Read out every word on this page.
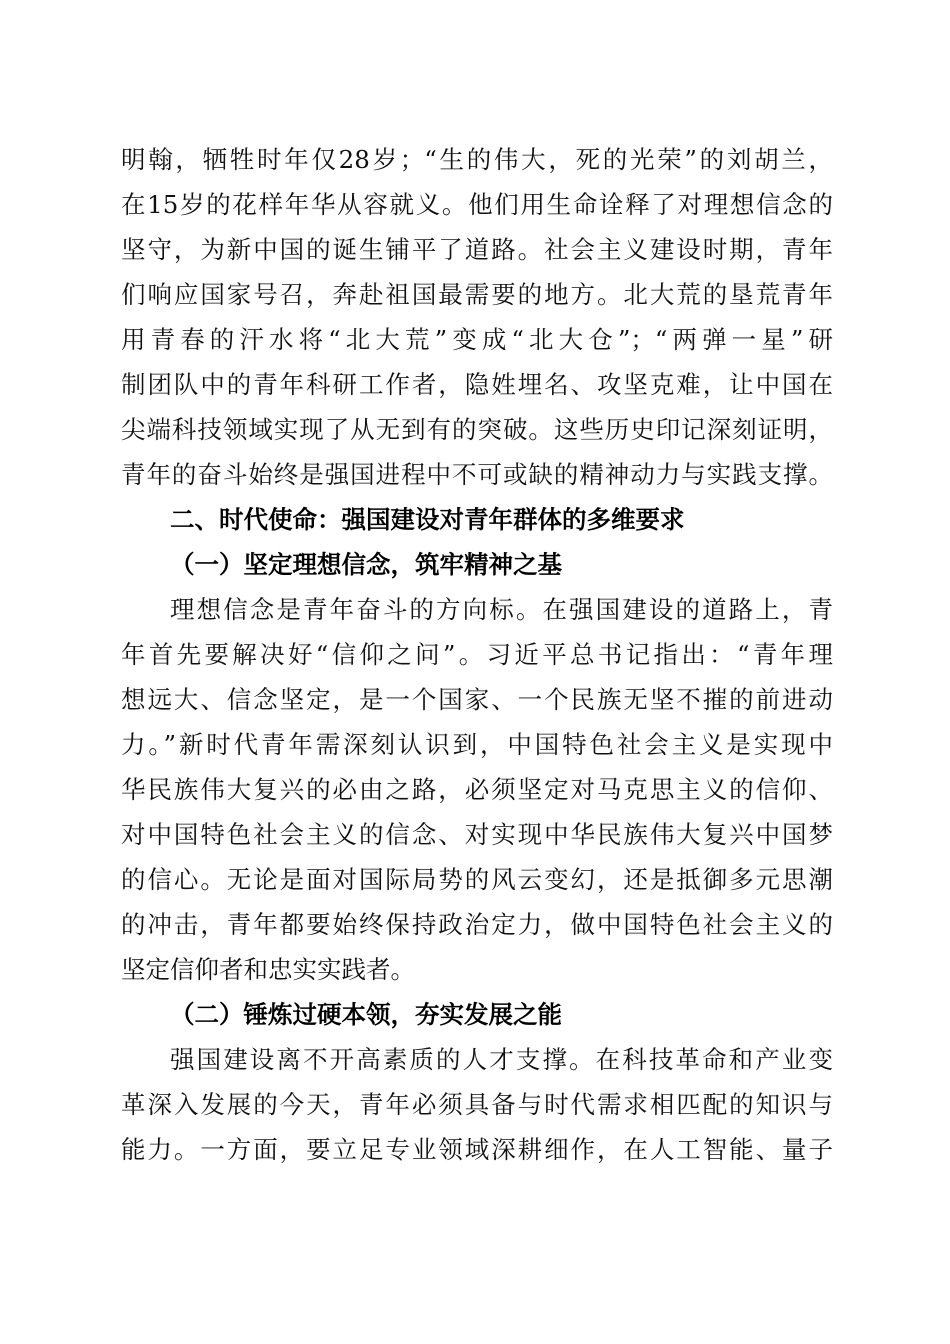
明翰，牺牲时年仅28岁；“生的伟大，死的光荣”的刘胡兰，
在15岁的花样年华从容就义。他们用生命诠释了对理想信念的
坚守，为新中国的诞生铺平了道路。社会主义建设时期，青年
们响应国家号召，奔赴祖国最需要的地方。北大荒的垦荒青年
用青春的汗水将“北大荒”变成“北大仓”；“两弹一星”研
制团队中的青年科研工作者，隐姓埋名、攻坚克难，让中国在
尖端科技领域实现了从无到有的突破。这些历史印记深刻证明，
青年的奋斗始终是强国进程中不可或缺的精神动力与实践支撑。
二、时代使命：强国建设对青年群体的多维要求
（一）坚定理想信念，筑牢精神之基
理想信念是青年奋斗的方向标。在强国建设的道路上，青
年首先要解决好“信仰之问”。习近平总书记指出：“青年理
想远大、信念坚定，是一个国家、一个民族无坚不摧的前进动
力。”新时代青年需深刻认识到，中国特色社会主义是实现中
华民族伟大复兴的必由之路，必须坚定对马克思主义的信仰、
对中国特色社会主义的信念、对实现中华民族伟大复兴中国梦
的信心。无论是面对国际局势的风云变幻，还是抵御多元思潮
的冲击，青年都要始终保持政治定力，做中国特色社会主义的
坚定信仰者和忠实实践者。
（二）锤炼过硬本领，夯实发展之能
强国建设离不开高素质的人才支撑。在科技革命和产业变
革深入发展的今天，青年必须具备与时代需求相匹配的知识与
能力。一方面，要立足专业领域深耕细作，在人工智能、量子
